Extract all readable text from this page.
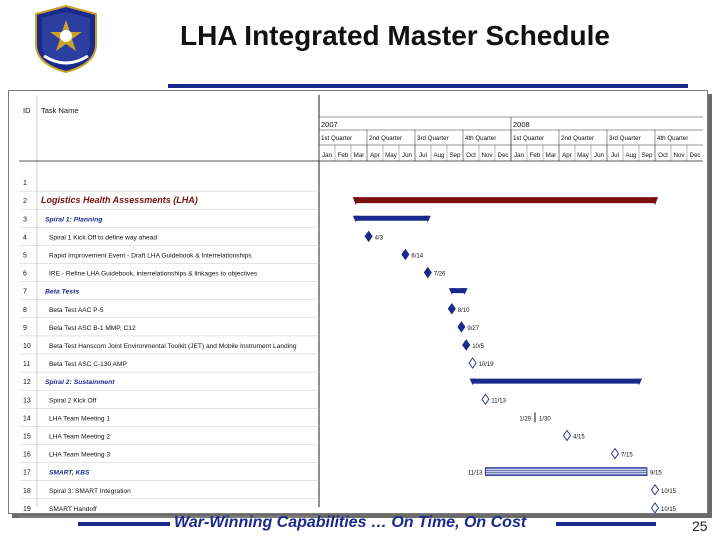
LHA Integrated Master Schedule
ID Task Name
2007	2008
1st Quarter	2nd Quarter 3rd Quarter	4th Quarter	1st Quarter	2nd Quarter 3rd Quarter	4th Quarter
Jan Feb Mar Apr May Jun Jul Aug Sep Oct Nov Dec Jan Feb Mar Apr May Jun Jul Aug Sep Oct Nov Dec
1
2 Logistics Health Assessments (LHA)
3	Spiral 1: Planning
4	Spiral 1 Kick Off to define way ahead	4/3
5	Rapid Improvement Event - Draft LHA Guidebook & Interrelationships	6/14
6	IRE - Refine LHA Guidebook, interrelationships & linkages to objectives	7/26
7	Beta Tests
8	Beta Test AAC P-5	8/10
9	Beta Test ASC B-1 MMP, C12	9/27
10	Beta Test Hanscom Joint Environmental Toolkit (JET) and Mobile Instrument Landing	10/5
11	Beta Test ASC C-130 AMP	10/19
12 Spiral 2: Sustainment
13	Spiral 2 Kick Off	11/13
14	LHA Team Meeting 1	1/29 1/30
15	LHA Team Meeting 2	4/15
16	LHA Team Meeting 3	7/15
17	SMART, KBS	11/13	9/15
18	Spiral 3: SMART Integration	10/15
19	SMART Handoff	10/15
War-Winning Capabilities … On Time, On Cost	25
